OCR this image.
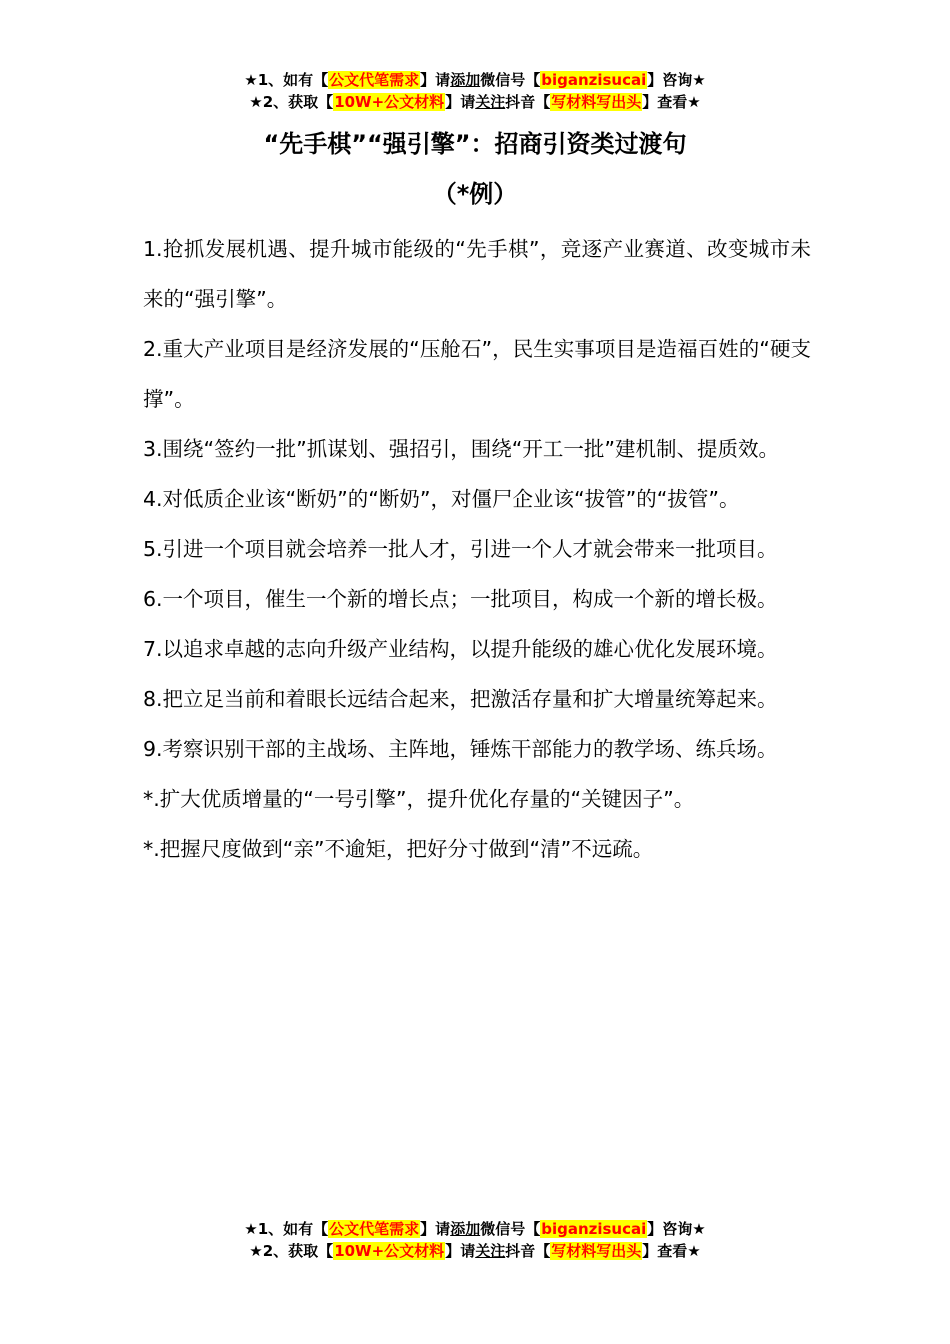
★1、如有【公文代笔需求】请添加微信号【biganzisucai】咨询★
★2、获取【10W+公文材料】请关注抖音【写材料写出头】查看★
“先手棋”“强引擎”：招商引资类过渡句
（*例）

1.抢抓发展机遇、提升城市能级的“先手棋”，竞逐产业赛道、改变城市未来的“强引擎”。

2.重大产业项目是经济发展的“压舱石”，民生实事项目是造福百姓的“硬支撑”。

3.围绕“签约一批”抓谋划、强招引，围绕“开工一批”建机制、提质效。

4.对低质企业该“断奶”的“断奶”，对僵尸企业该“拔管”的“拔管”。

5.引进一个项目就会培养一批人才，引进一个人才就会带来一批项目。

6.一个项目，催生一个新的增长点；一批项目，构成一个新的增长极。

7.以追求卓越的志向升级产业结构，以提升能级的雄心优化发展环境。

8.把立足当前和着眼长远结合起来，把激活存量和扩大增量统筹起来。

9.考察识别干部的主战场、主阵地，锤炼干部能力的教学场、练兵场。

*.扩大优质增量的“一号引擎”，提升优化存量的“关键因子”。

*.把握尺度做到“亲”不逾矩，把好分寸做到“清”不远疏。

★1、如有【公文代笔需求】请添加微信号【biganzisucai】咨询★
★2、获取【10W+公文材料】请关注抖音【写材料写出头】查看★
